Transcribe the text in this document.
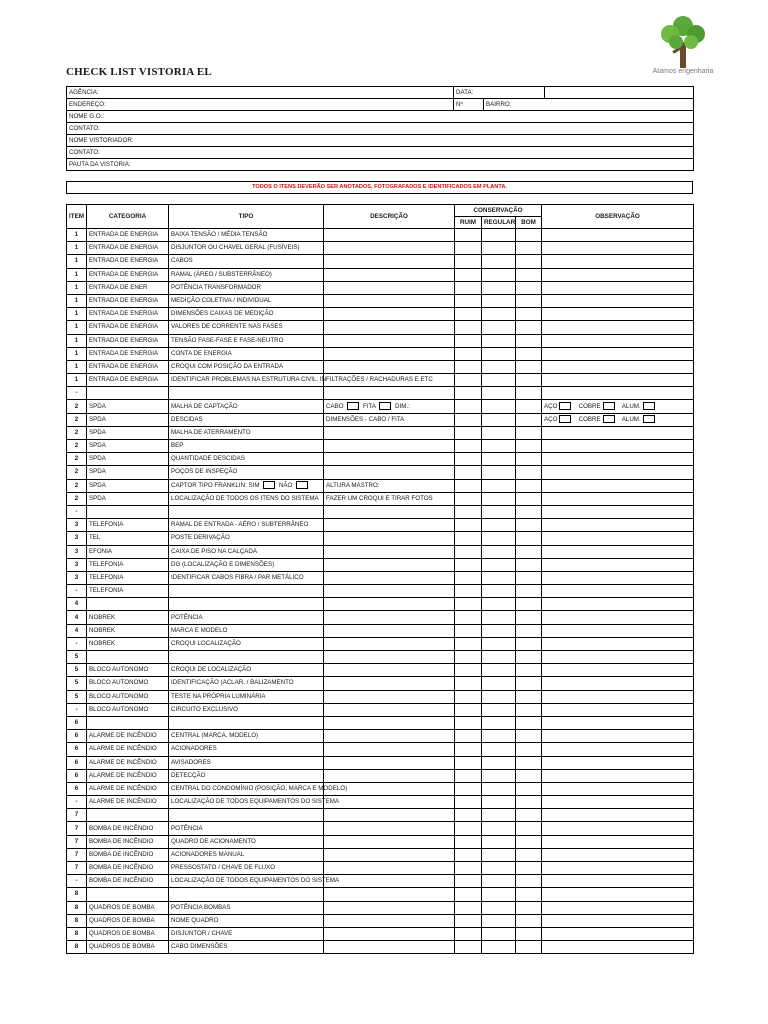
CHECK LIST VISTORIA EL	Atamos engenharia
AGÊNCIA:	DATA:		
ENDEREÇO:	Nº	BAIRRO:	
NOME G.O.:			
CONTATO:			
NOME VISTORIADOR:			
CONTATO:			
PAUTA DA VISTORIA:			
TODOS O ITENS DEVERÃO SER ANOTADOS, FOTOGRAFADOS E IDENTIFICADOS EM PLANTA.
ITEM	CATEGORIA	TIPO	DESCRIÇÃO	CONSERVAÇÃO			OBSERVAÇÃO
				RUIM	REGULAR	BOM	
1	ENTRADA DE ENERGIA	BAIXA TENSÃO / MÉDIA TENSÃO					
1	ENTRADA DE ENERGIA	DISJUNTOR OU CHAVEL GERAL (FUSÍVEIS)					
1	ENTRADA DE ENERGIA	CABOS					
1	ENTRADA DE ENERGIA	RAMAL (ÁREO / SUBSTERRÂNEO)					
1	ENTRADA DE ENER	POTÊNCIA TRANSFORMADOR					
1	ENTRADA DE ENERGIA	MEDIÇÃO COLETIVA / INDIVIDUAL					
1	ENTRADA DE ENERGIA	DIMENSÕES CAIXAS DE MEDIÇÃO					
1	ENTRADA DE ENERGIA	VALORES DE CORRENTE NAS FASES					
1	ENTRADA DE ENERGIA	TENSÃO FASE-FASE E FASE-NEUTRO					
1	ENTRADA DE ENERGIA	CONTA DE ENERGIA					
1	ENTRADA DE ENERGIA	CROQUI COM POSIÇÃO DA ENTRADA					
1	ENTRADA DE ENERGIA	IDENTIFICAR PROBLEMAS NA ESTRUTURA CIVIL. INFILTRAÇÕES / RACHADURAS E ETC					
-							
2	SPDA	MALHA DE CAPTAÇÃO	CABO FITA DIM.:				AÇO COBRE ALUM.
2	SPDA	DESCIDAS	DIMENSÕES - CABO / FITA				AÇO COBRE ALUM.
2	SPDA	MALHA DE ATERRAMENTO					
2	SPDA	BEP					
2	SPDA	QUANTIDADE DESCIDAS					
2	SPDA	POÇOS DE INSPEÇÃO					
2	SPDA	CAPTOR TIPO FRANKLIN: SIM NÃO	ALTURA MASTRO:				
2	SPDA	LOCALIZAÇÃO DE TODOS OS ITENS DO SISTEMA	FAZER UM CROQUI E TIRAR FOTOS				
-							
3	TELEFONIA	RAMAL DE ENTRADA - AÉRO / SUBTERRÂNEO					
3	TEL	POSTE DERIVAÇÃO					
3	EFONIA	CAIXA DE PISO NA CALÇADA					
3	TELEFONIA	DG (LOCALIZAÇÃO E DIMENSÕES)					
3	TELEFONIA	IDENTIFICAR CABOS FIBRA / PAR METÁLICO					
-	TELEFONIA						
4							
4	NOBREK	POTÊNCIA					
4	NOBREK	MARCA E MODELO					
-	NOBREK	CROQUI LOCALIZAÇÃO					
5							
5	BLOCO AUTONOMO	CROQUI DE LOCALIZAÇÃO					
5	BLOCO AUTONOMO	IDENTIFICAÇÃO (ACLAR. / BALIZAMENTO					
5	BLOCO AUTONOMO	TESTE NA PRÓPRIA LUMINÁRIA					
-	BLOCO AUTONOMO	CIRCUITO EXCLUSIVO					
6							
6	ALARME DE INCÊNDIO	CENTRAL (MARCA, MODELO)					
6	ALARME DE INCÊNDIO	ACIONADORES					
6	ALARME DE INCÊNDIO	AVISADORES					
6	ALARME DE INCÊNDIO	DETECÇÃO					
6	ALARME DE INCÊNDIO	CENTRAL DO CONDOMÍNIO (POSIÇÃO, MARCA E MODELO)					
-	ALARME DE INCÊNDIO	LOCALIZAÇÃO DE TODOS EQUIPAMENTOS DO SISTEMA					
7							
7	BOMBA DE INCÊNDIO	POTÊNCIA					
7	BOMBA DE INCÊNDIO	QUADRO DE ACIONAMENTO					
7	BOMBA DE INCÊNDIO	ACIONADORES MANUAL					
7	BOMBA DE INCÊNDIO	PRESSOSTATO / CHAVE DE FLUXO					
-	BOMBA DE INCÊNDIO	LOCALIZAÇÃO DE TODOS EQUIPAMENTOS DO SISTEMA					
8							
8	QUADROS DE BOMBA	POTÊNCIA BOMBAS					
8	QUADROS DE BOMBA	NOME QUADRO					
8	QUADROS DE BOMBA	DISJUNTOR / CHAVE					
8	QUADROS DE BOMBA	CABO DIMENSÕES					
